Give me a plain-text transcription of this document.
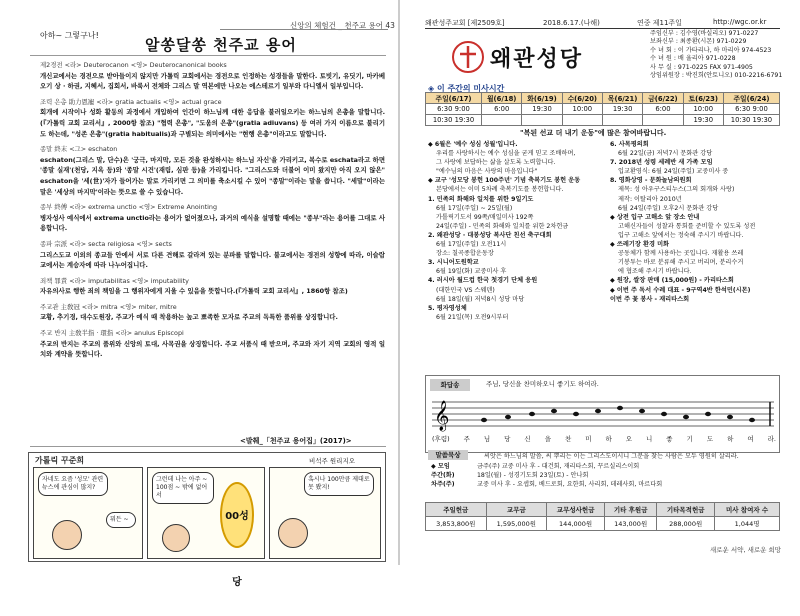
신앙의 체험건 _ 천주교 용어 43
아하~ 그렇구나!
알쏭달쏭 천주교 용어
제2경전 <라> Deuterocanon <영> Deuterocanonical books
개신교에서는 경전으로 받아들이지 않지만 가톨릭 교회에서는 경전으로 인정하는 성경들을 말한다. 토빗기, 유딧기, 마카베오기 상 · 하권, 지혜서, 집회서, 바룩서 전체와 그리스 말 역본에만 나오는 에스테르기 일부와 다니엘서 일부입니다.
조력 은총 助力恩寵 <라> gratia actualis <영> actual grace
회개에 시작이나 성화 활동의 과정에서 개입하여 인간이 하느님께 대한 응답을 불러일으키는 하느님의 은총을 말합니다.(『가톨릭 교회 교리서』, 2000항 참조) "협력 은총", "도움의 은총"(gratia adiuvans) 등 여러 가지 이름으로 불리기도 하는데, "성존 은총"(gratia habitualis)과 구별되는 의미에서는 "현행 은총"이라고도 말합니다.
종말 終末 <그> eschaton
eschaton(그리스 말, 단수)은 '궁극, 마지막, 모든 것을 완성하시는 하느님 자신'을 가리키고, 복수로 eschata라고 하면 '종말 실재'(천당, 지옥 등)와 '종말 시건'(재림, 심판 등)을 가리킵니다. "그리스도와 더불어 이미 왔지만 아직 오지 않은" eschaton을 '세(世)'자가 들어가는 말로 가리키면 그 의미를 축소시킬 수 있어 "종말"이라는 말을 씁니다. "세말"이라는 말은 '세상의 마지막'이라는 뜻으로 쓸 수 있습니다.
종부 終傅 <라> extrema unctio <영> Extreme Anointing
병자성사 예식에서 extrema unctio라는 용어가 없어졌으나, 과거의 예식을 설명할 때에는 "종부"라는 용어를 그대로 사용합니다.
종파 宗派 <라> secta religiosa <영> sects
그리스도교 이외의 종교들 안에서 서로 다른 견해로 갈라져 있는 분파를 말합니다. 불교에서는 경전의 성향에 따라, 이슬람교에서는 계승자에 따라 나누어집니다.
죄책 罪責 <라> imputabilitas <영> imputability
자유의사로 행한 죄의 책임을 그 행위자에게 지울 수 있음을 뜻합니다.(『가톨릭 교회 교리서』, 1860항 참조)
주교관 主敎冠 <라> mitra <영> miter, mitre
교황, 추기경, 대수도원장, 주교가 예식 때 착용하는 높고 뾰족한 모자로 주교의 독특한 품위를 상징합니다.
주교 반지 主敎半指 · 環指 <라> anulus Episcopi
주교의 반지는 주교의 품위와 신앙의 토대, 사목권을 상징합니다. 주교 서품식 때 받으며, 주교와 자기 지역 교회의 영적 일치와 계약을 뜻합니다.
<발췌_「천주교 용어집」(2017)>
가톨릭 꾸준희	비석주 원리지오
자네도 요즘 '성모' 관련 뉴스에 관심이 많지?
뭐든 ~
그런데 나는 아주 ~ 100점 ~ 밖에 없어서
00성당
혹시나 100만큼 제대로 못 봤지!
왜관성주교회 [제2509호]	2018.6.17.(나해)	연중 제11주일	http://wgc.or.kr
왜관성당
주임신부 : 김수영(바실리오) 971-0227
보좌신부 : 최종환(시몬) 971-0229
수 녀 회 : 이 가타리나, 하 마리아 974-4523
수 녀 원 : 배 율리아 971-0228
사 무 실 : 971-0225 FAX 971-4905
상임위원장 : 박진희(안토니오) 010-2216-6791
◈ 이 주간의 미사시간
주일(6/17)	월(6/18)	화(6/19)	수(6/20)	목(6/21)	금(6/22)	토(6/23)	주일(6/24)
6:30 9:00	6:00	19:30	10:00	19:30	6:00	10:00	6:30 9:00
10:30 19:30						19:30	10:30 19:30
"복된 선교 더 내기 운동"에 많은 참여바랍니다.
◆ 6월은 '예수 성심 성월'입니다.
우리를 사랑하시는 예수 성심을 굳게 믿고 조배하며,
그 사랑에 보답하는 삶을 살도록 노력합니다.
"예수님의 마음은 사랑의 마음입니다"
◆ 교구 '성모당 봉헌 100주년' 기념 축복기도 봉헌 운동
본당에서는 이미 5차례 축복기도를 봉헌합니다.
1. 민족의 화해와 일치를 위한 9일기도
6월 17일(주일) ~ 25일(월)
가톨릭기도서 99쪽/매일미사 192쪽
24일(주일) - 민족의 화해와 일치를 위한 2차헌금
2. 왜관성당 · 대봉성당 복사단 친선 축구대회
6월 17일(주일) 오전11시
장소: 칠곡종합운동장
3. 시니어도원학교
6월 19일(화) 교중미사 후
4. 러시아 월드컵 한국 첫경기 단체 응원
(대한민국 VS 스웨덴)
6월 18일(월) 저녁8시 성당 마당
5. 평자영성체
6월 21일(목) 오전9시부터
6. 사목평의회
6월 22일(금) 저녁7시 문화관 강당
7. 2018년 성령 세례반 새 가족 모임
입교환영식: 6월 24일(주일) 교중미사 중
8. 영화상영 - 문화놀남의원회
제목: 성 아우구스티누스(그의 회개와 사랑)
제작: 이탈리아 2010년
6월 24일(주일) 오후2시 문화관 강당
◆ 상전 입구 고해소 앞 장소 안내
고해신자들이 성찰과 통회를 준비할 수 있도록 성전
입구 고해소 앞에서는 정숙해 주시기 바랍니다.
◆ 쓰레기장 환경 미화
공동체가 함께 사용하는 곳입니다. 재활용 쓰레
기봉투는 바로 분류해 주시고 버리며, 분리수거
에 협조해 주시기 바랍니다.
◆ 원장, 쌀장 판매 (15,000원) - 카리타스회
◆ 이번 주 독서 수례 대표 - 9구역4반 한석민(시몬)
이번 주 꽃 봉사 - 재리타스회
화답송	주님, 당신을 찬미하오니 좋기도 하여라.
𝄞
(후렴) 주 님 당 신 을 찬 미 하 오 니 좋 기 도 하 여 라.
말씀묵상	씨앗은 하느님의 말씀, 씨 뿌리는 이는 그리스도이시니 그분을 찾는 사람은 모두 영원히 살리라.
◆ 모임	금주(주) 교중 미사 후 - 대건회, 재리타스회, 꾸르실리스이회
주간(화)	18일(월) - 성경기도회 23일(토) - 안나회
차주(주)	교중 미사 후 - 요셉회, 베드로회, 요한회, 사리회, 데레사회, 마르다회
주일헌금	교무금	교무성사헌금	기타 후원금	기타목적헌금	미사 참여자 수
3,853,800원	1,595,000원	144,000원	143,000원	288,000원	1,044명
새로운 서약, 새로운 희망
